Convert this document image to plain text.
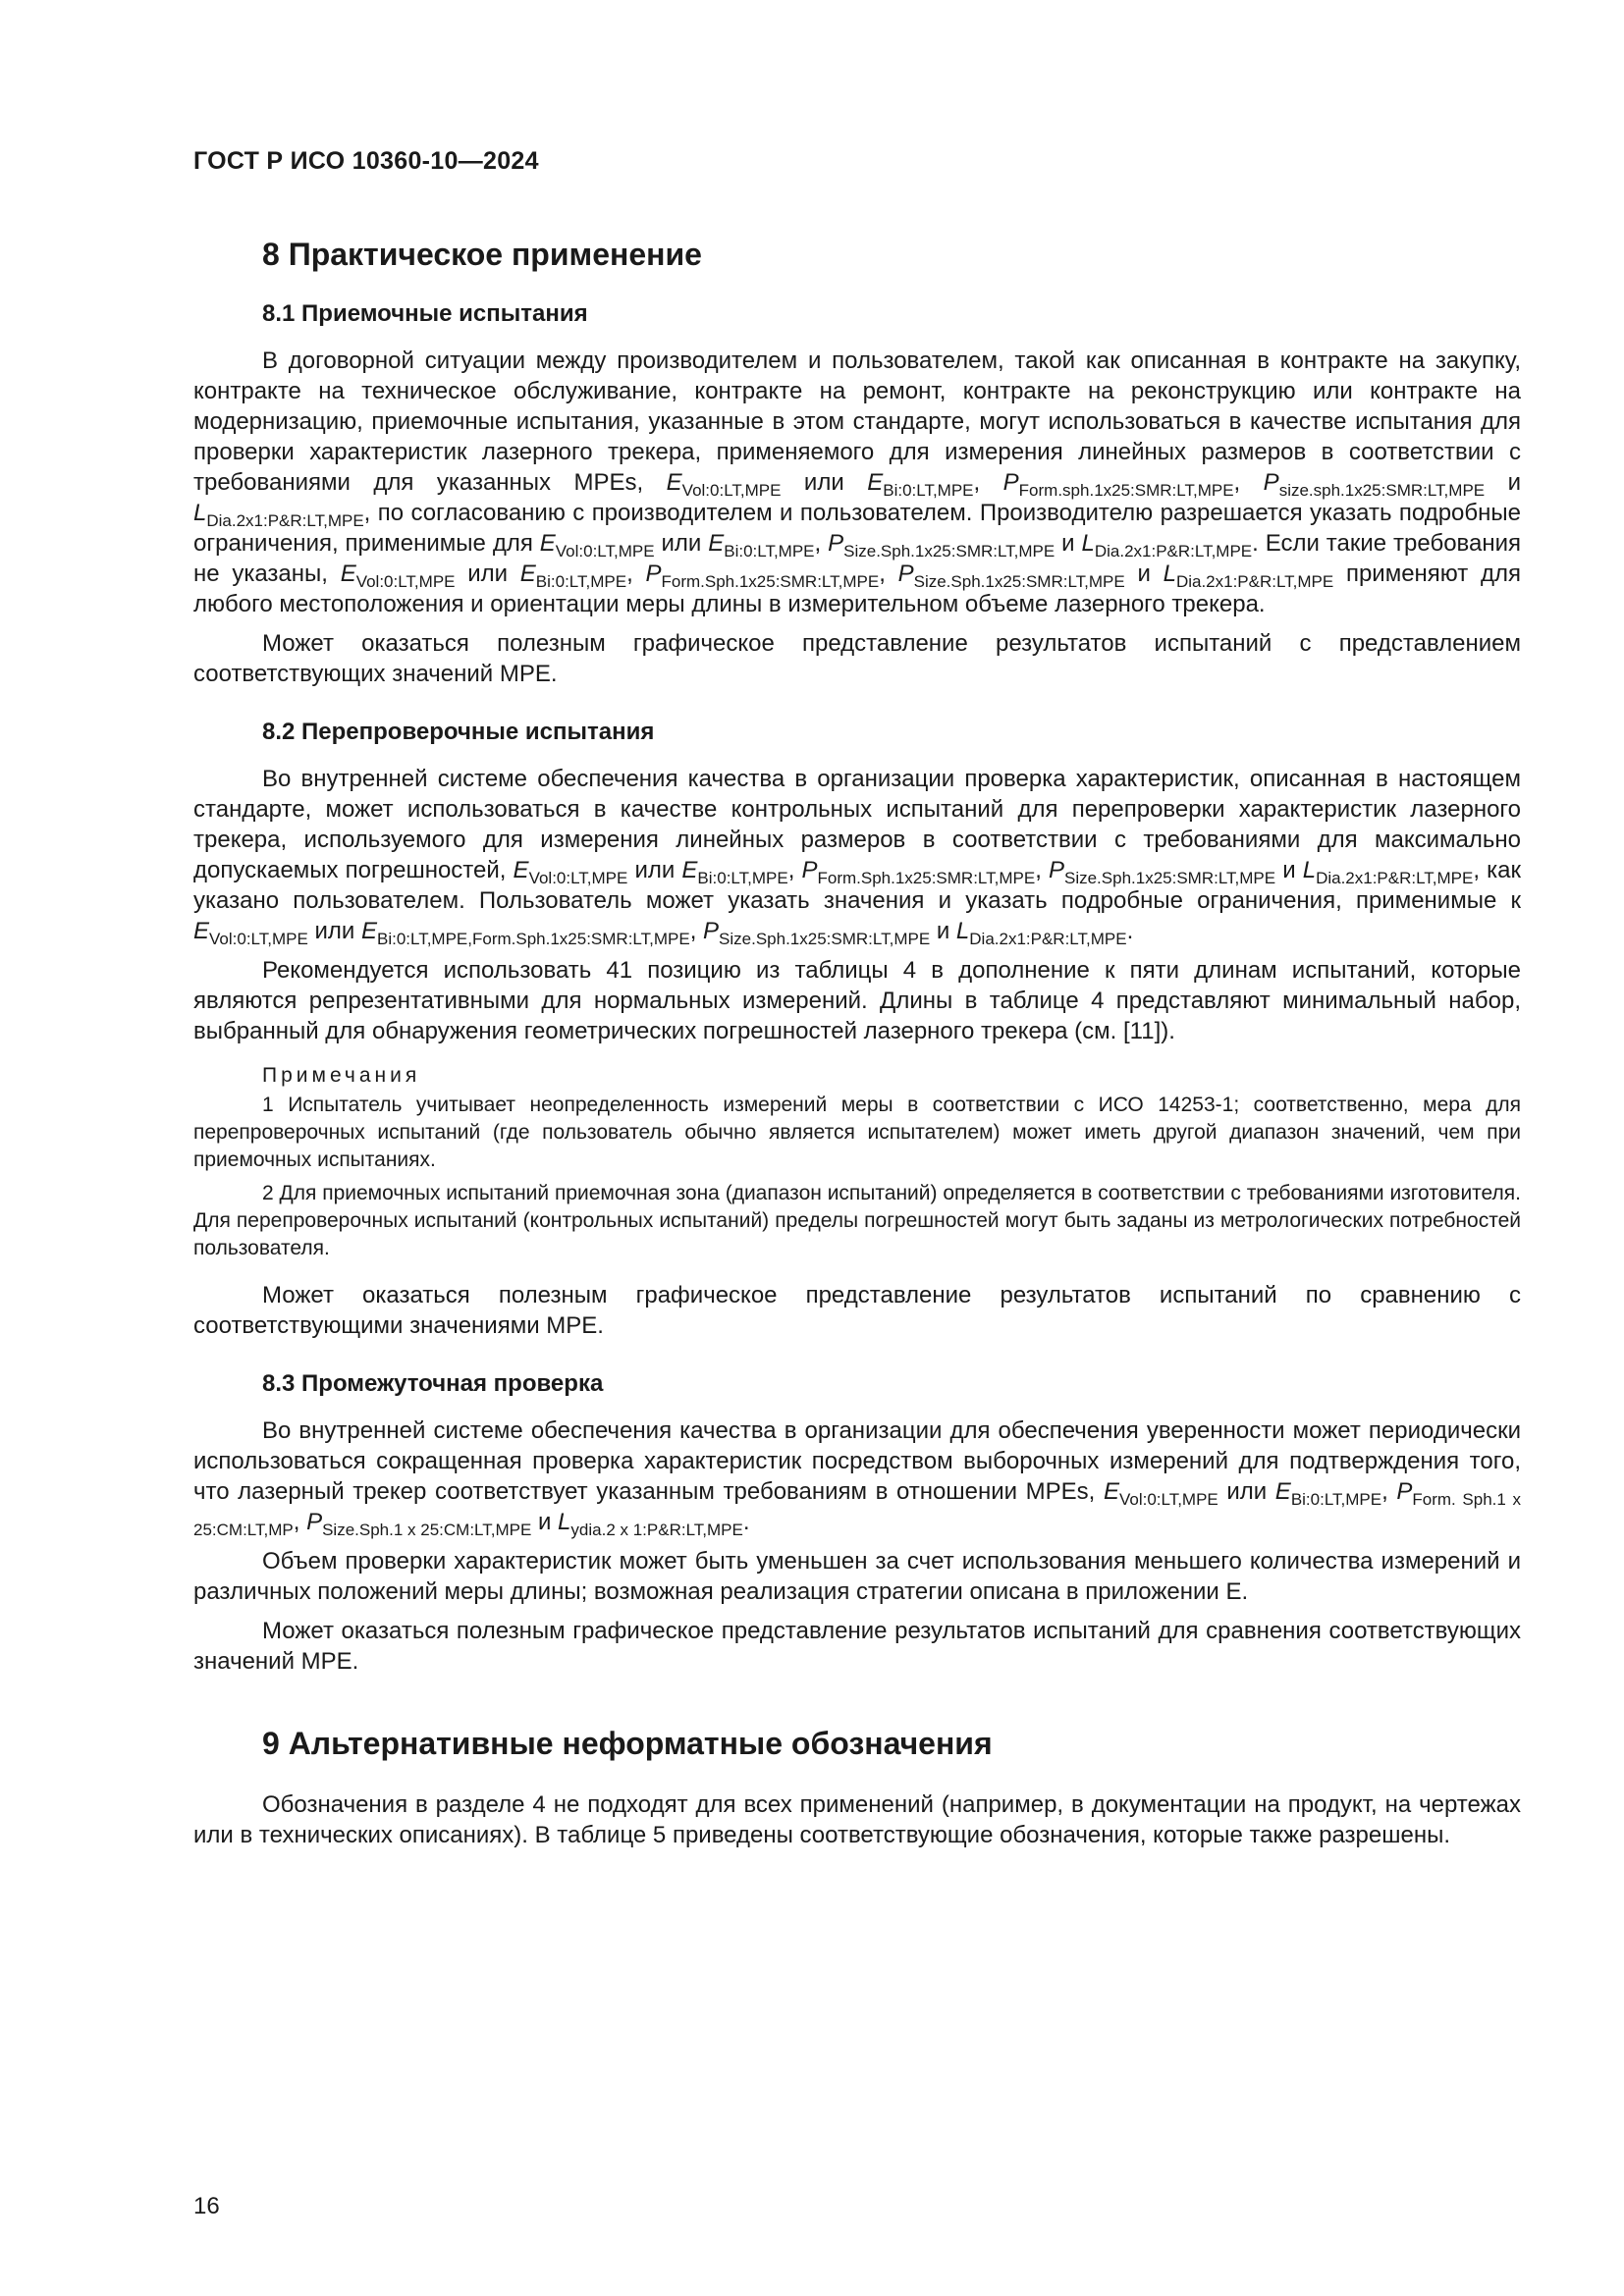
ГОСТ Р ИСО 10360-10—2024
8 Практическое применение
8.1 Приемочные испытания

В договорной ситуации между производителем и пользователем, такой как описанная в контракте на закупку, контракте на техническое обслуживание, контракте на ремонт, контракте на реконструкцию или контракте на модернизацию, приемочные испытания, указанные в этом стандарте, могут использоваться в качестве испытания для проверки характеристик лазерного трекера, применяемого для измерения линейных размеров в соответствии с требованиями для указанных MPEs, $E_{Vol:0:LT,MPE}$ или $E_{Bi:0:LT,MPE}$, $P_{Form.sph.1x25:SMR:LT,MPE}$, $P_{size.sph.1x25:SMR:LT,MPE}$ и $L_{Dia.2x1:P\&R:LT,MPE}$, по согласованию с производителем и пользователем. Производителю разрешается указать подробные ограничения, применимые для $E_{Vol:0:LT,MPE}$ или $E_{Bi:0:LT,MPE}$, $P_{Size.Sph.1x25:SMR:LT,MPE}$ и $L_{Dia.2x1:P\&R:LT,MPE}$. Если такие требования не указаны, $E_{Vol:0:LT,MPE}$ или $E_{Bi:0:LT,MPE}$, $P_{Form.Sph.1x25:SMR:LT,MPE}$, $P_{Size.Sph.1x25:SMR:LT,MPE}$ и $L_{Dia.2x1:P\&R:LT,MPE}$ применяют для любого местоположения и ориентации меры длины в измерительном объеме лазерного трекера.

Может оказаться полезным графическое представление результатов испытаний с представлением соответствующих значений MPE.

8.2 Перепроверочные испытания

Во внутренней системе обеспечения качества в организации проверка характеристик, описанная в настоящем стандарте, может использоваться в качестве контрольных испытаний для перепроверки характеристик лазерного трекера, используемого для измерения линейных размеров в соответствии с требованиями для максимально допускаемых погрешностей, $E_{Vol:0:LT,MPE}$ или $E_{Bi:0:LT,MPE}$, $P_{Form.Sph.1x25:SMR:LT,MPE}$, $P_{Size.Sph.1x25:SMR:LT,MPE}$ и $L_{Dia.2x1:P\&R:LT,MPE}$, как указано пользователем. Пользователь может указать значения и указать подробные ограничения, применимые к $E_{Vol:0:LT,MPE}$ или $E_{Bi:0:LT,MPE,Form.Sph.1x25:SMR:LT,MPE}$, $P_{Size.Sph.1x25:SMR:LT,MPE}$ и $L_{Dia.2x1:P\&R:LT,MPE}$.

Рекомендуется использовать 41 позицию из таблицы 4 в дополнение к пяти длинам испытаний, которые являются репрезентативными для нормальных измерений. Длины в таблице 4 представляют минимальный набор, выбранный для обнаружения геометрических погрешностей лазерного трекера (см. [11]).

Примечания

1 Испытатель учитывает неопределенность измерений меры в соответствии с ИСО 14253-1; соответственно, мера для перепроверочных испытаний (где пользователь обычно является испытателем) может иметь другой диапазон значений, чем при приемочных испытаниях.

2 Для приемочных испытаний приемочная зона (диапазон испытаний) определяется в соответствии с требованиями изготовителя. Для перепроверочных испытаний (контрольных испытаний) пределы погрешностей могут быть заданы из метрологических потребностей пользователя.

Может оказаться полезным графическое представление результатов испытаний по сравнению с соответствующими значениями MPE.

8.3 Промежуточная проверка

Во внутренней системе обеспечения качества в организации для обеспечения уверенности может периодически использоваться сокращенная проверка характеристик посредством выборочных измерений для подтверждения того, что лазерный трекер соответствует указанным требованиям в отношении MPEs, $E_{Vol:0:LT,MPE}$ или $E_{Bi:0:LT,MPE}$, $P_{Form. Sph.1 x 25:CM:LT,MP}$, $P_{Size.Sph.1 x 25:CM:LT,MPE}$ и $L_{ydia.2 x 1:P\&R:LT,MPE}$.

Объем проверки характеристик может быть уменьшен за счет использования меньшего количества измерений и различных положений меры длины; возможная реализация стратегии описана в приложении Е.

Может оказаться полезным графическое представление результатов испытаний для сравнения соответствующих значений MPE.

9 Альтернативные неформатные обозначения

Обозначения в разделе 4 не подходят для всех применений (например, в документации на продукт, на чертежах или в технических описаниях). В таблице 5 приведены соответствующие обозначения, которые также разрешены.

16
